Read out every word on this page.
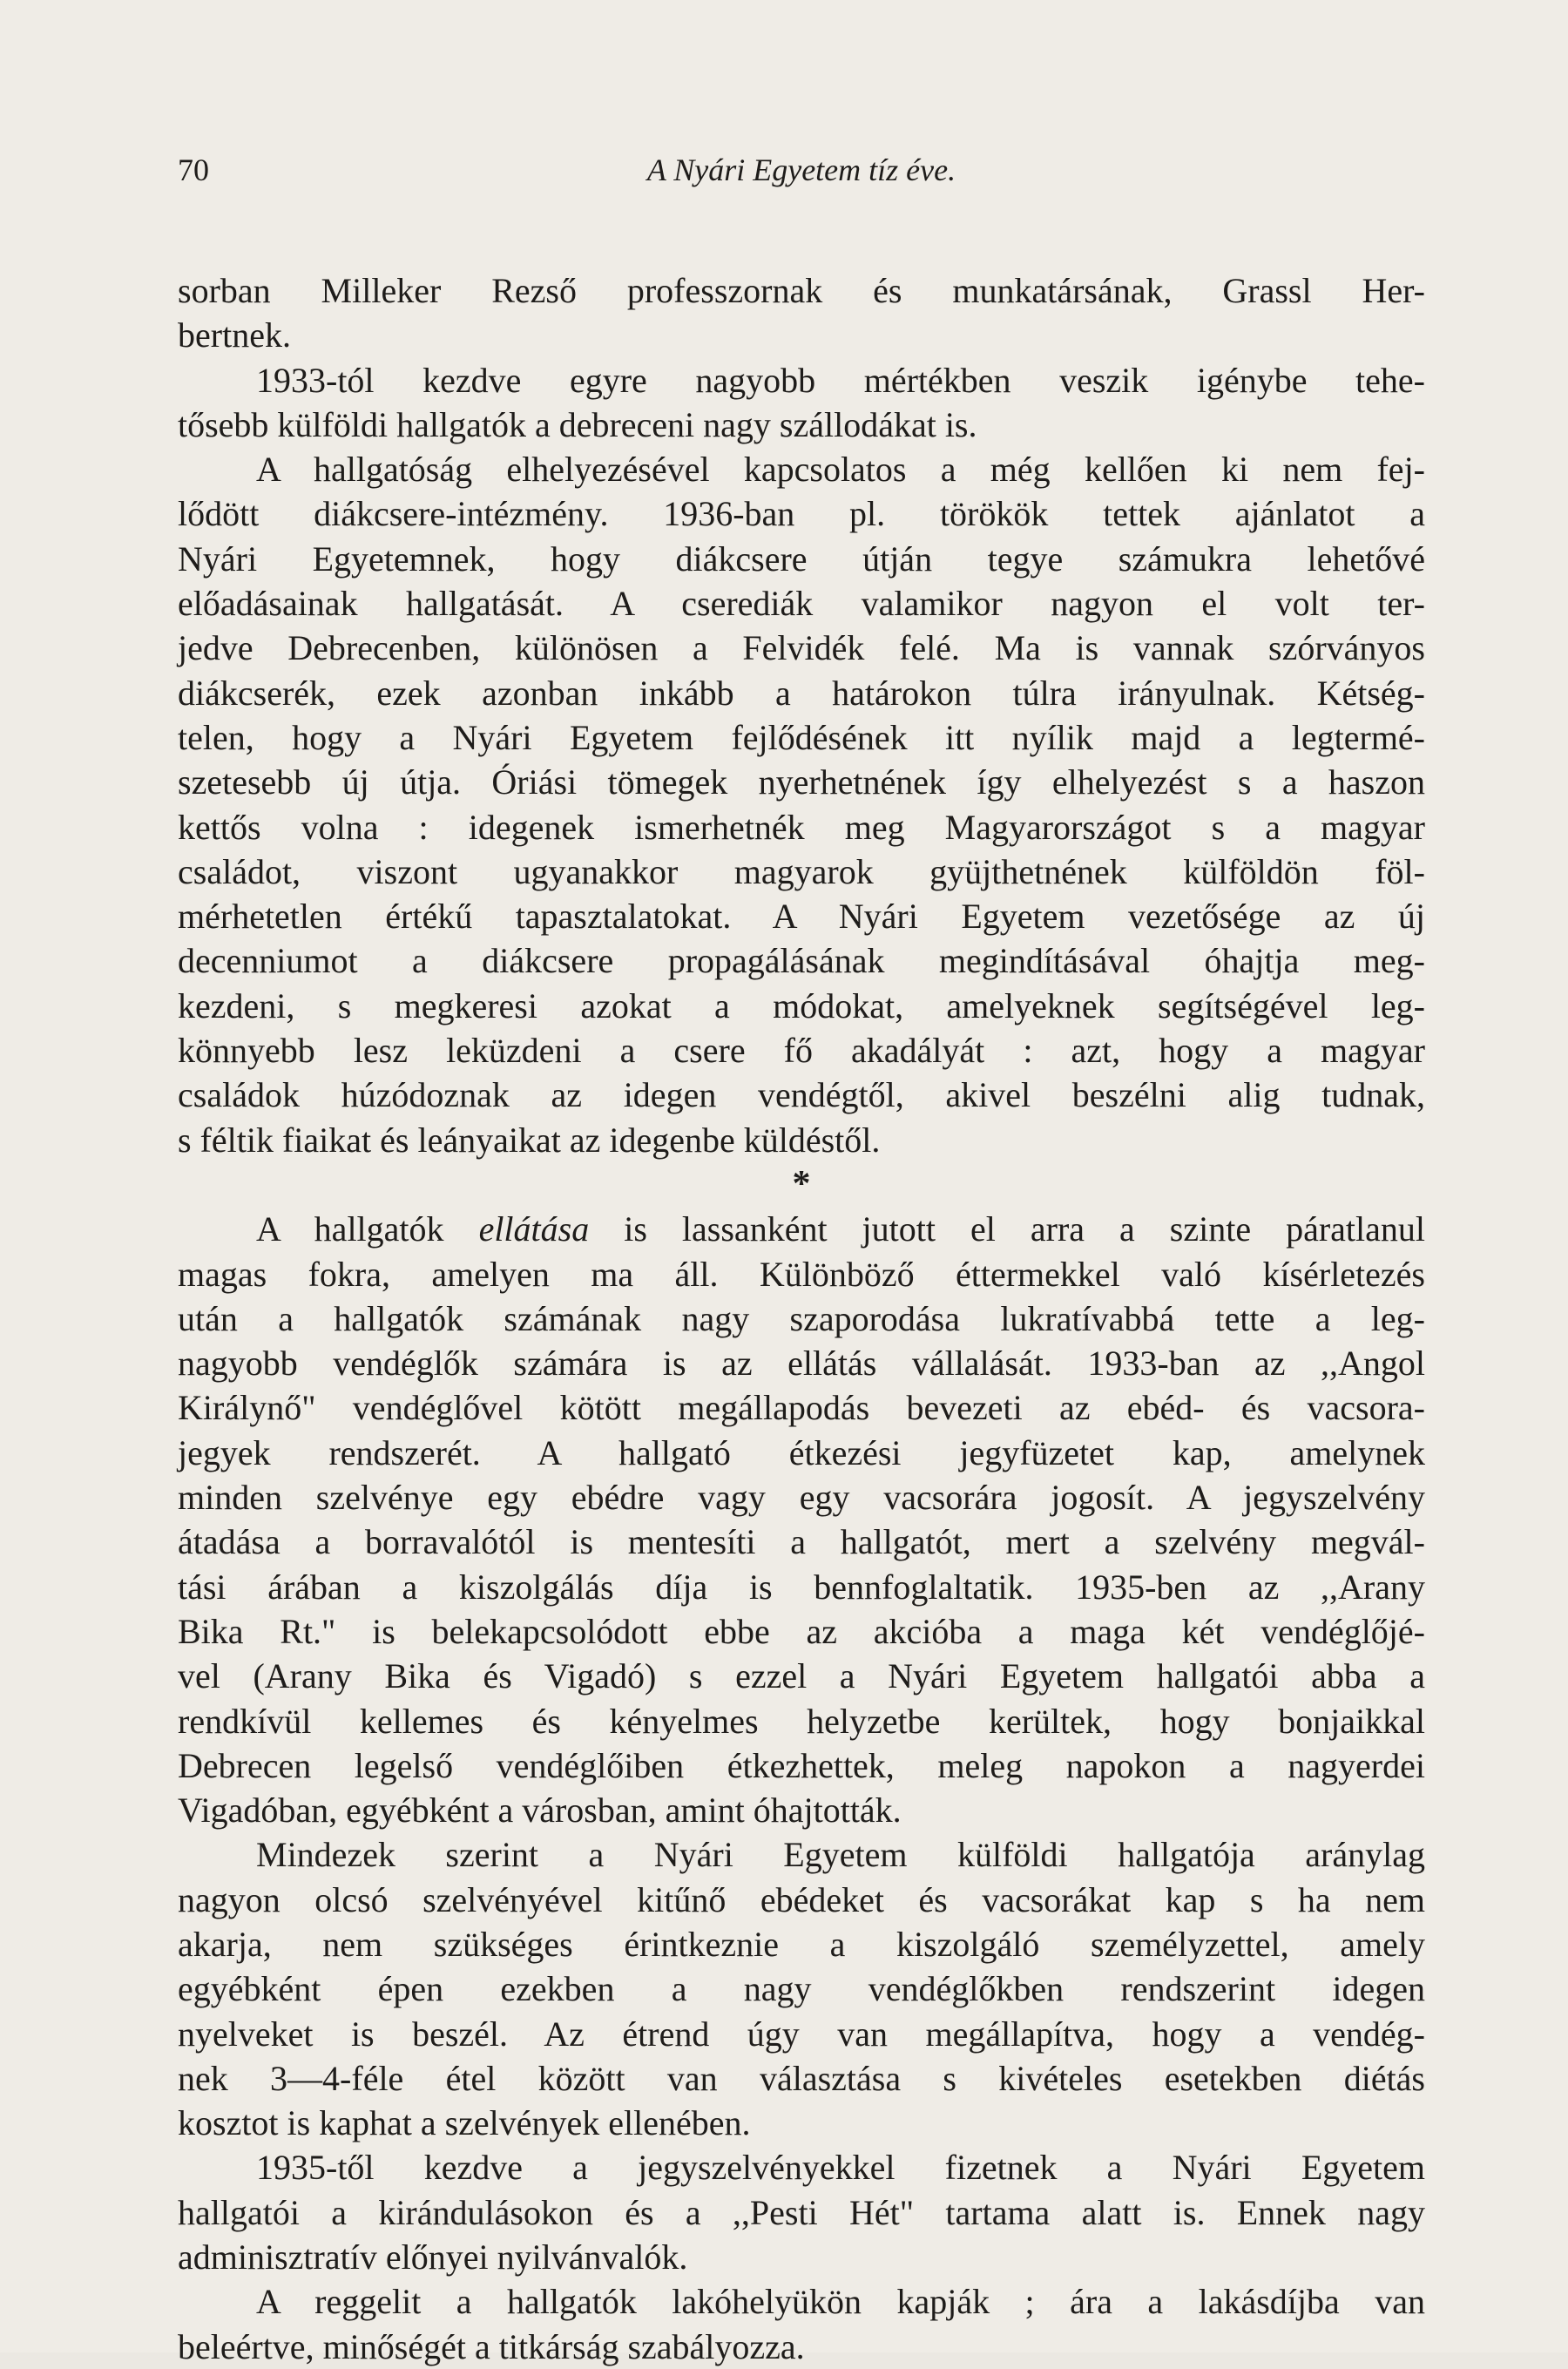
70	A Nyári Egyetem tíz éve.
sorban Milleker Rezső professzornak és munkatársának, Grassl Her-
bertnek.
1933-tól kezdve egyre nagyobb mértékben veszik igénybe tehe-
tősebb külföldi hallgatók a debreceni nagy szállodákat is.
A hallgatóság elhelyezésével kapcsolatos a még kellően ki nem fej-
lődött diákcsere-intézmény. 1936-ban pl. törökök tettek ajánlatot a
Nyári Egyetemnek, hogy diákcsere útján tegye számukra lehetővé
előadásainak hallgatását. A cserediák valamikor nagyon el volt ter-
jedve Debrecenben, különösen a Felvidék felé. Ma is vannak szórványos
diákcserék, ezek azonban inkább a határokon túlra irányulnak. Kétség-
telen, hogy a Nyári Egyetem fejlődésének itt nyílik majd a legtermé-
szetesebb új útja. Óriási tömegek nyerhetnének így elhelyezést s a haszon
kettős volna : idegenek ismerhetnék meg Magyarországot s a magyar
családot, viszont ugyanakkor magyarok gyüjthetnének külföldön föl-
mérhetetlen értékű tapasztalatokat. A Nyári Egyetem vezetősége az új
decenniumot a diákcsere propagálásának megindításával óhajtja meg-
kezdeni, s megkeresi azokat a módokat, amelyeknek segítségével leg-
könnyebb lesz leküzdeni a csere fő akadályát : azt, hogy a magyar
családok húzódoznak az idegen vendégtől, akivel beszélni alig tudnak,
s féltik fiaikat és leányaikat az idegenbe küldéstől.
*
A hallgatók ellátása is lassanként jutott el arra a szinte páratlanul
magas fokra, amelyen ma áll. Különböző éttermekkel való kísérletezés
után a hallgatók számának nagy szaporodása lukratívabbá tette a leg-
nagyobb vendéglők számára is az ellátás vállalását. 1933-ban az ,,Angol
Királynő" vendéglővel kötött megállapodás bevezeti az ebéd- és vacsora-
jegyek rendszerét. A hallgató étkezési jegyfüzetet kap, amelynek
minden szelvénye egy ebédre vagy egy vacsorára jogosít. A jegyszelvény
átadása a borravalótól is mentesíti a hallgatót, mert a szelvény megvál-
tási árában a kiszolgálás díja is bennfoglaltatik. 1935-ben az ,,Arany
Bika Rt." is belekapcsolódott ebbe az akcióba a maga két vendéglőjé-
vel (Arany Bika és Vigadó) s ezzel a Nyári Egyetem hallgatói abba a
rendkívül kellemes és kényelmes helyzetbe kerültek, hogy bonjaikkal
Debrecen legelső vendéglőiben étkezhettek, meleg napokon a nagyerdei
Vigadóban, egyébként a városban, amint óhajtották.
Mindezek szerint a Nyári Egyetem külföldi hallgatója aránylag
nagyon olcsó szelvényével kitűnő ebédeket és vacsorákat kap s ha nem
akarja, nem szükséges érintkeznie a kiszolgáló személyzettel, amely
egyébként épen ezekben a nagy vendéglőkben rendszerint idegen
nyelveket is beszél. Az étrend úgy van megállapítva, hogy a vendég-
nek 3—4-féle étel között van választása s kivételes esetekben diétás
kosztot is kaphat a szelvények ellenében.
1935-től kezdve a jegyszelvényekkel fizetnek a Nyári Egyetem
hallgatói a kirándulásokon és a ,,Pesti Hét" tartama alatt is. Ennek nagy
adminisztratív előnyei nyilvánvalók.
A reggelit a hallgatók lakóhelyükön kapják ; ára a lakásdíjba van
beleértve, minőségét a titkárság szabályozza.
